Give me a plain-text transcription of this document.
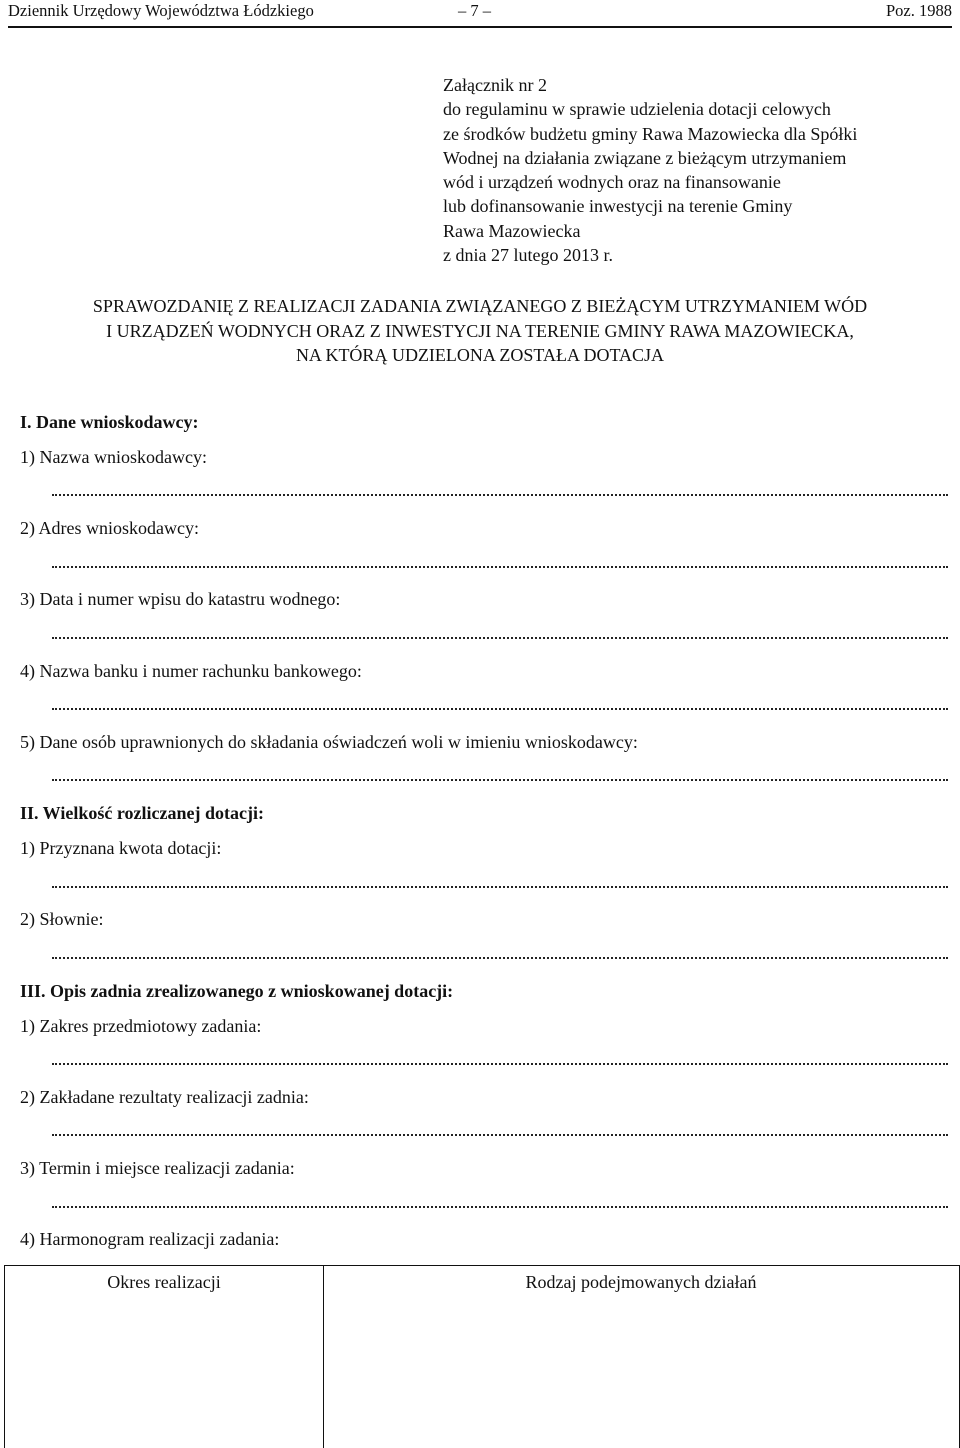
Dziennik Urzędowy Województwa Łódzkiego	– 7 –	Poz. 1988
Załącznik nr 2
do regulaminu w sprawie udzielenia dotacji celowych
ze środków budżetu gminy Rawa Mazowiecka dla Spółki
Wodnej na działania związane z bieżącym utrzymaniem
wód i urządzeń wodnych oraz na finansowanie
lub dofinansowanie inwestycji na terenie Gminy
Rawa Mazowiecka
z dnia 27 lutego 2013 r.
SPRAWOZDANIĘ Z REALIZACJI ZADANIA ZWIĄZANEGO Z BIEŻĄCYM UTRZYMANIEM WÓD
I URZĄDZEŃ WODNYCH ORAZ Z INWESTYCJI NA TERENIE GMINY RAWA MAZOWIECKA,
NA KTÓRĄ UDZIELONA ZOSTAŁA DOTACJA
I. Dane wnioskodawcy:
1) Nazwa wnioskodawcy:
2) Adres wnioskodawcy:
3) Data i numer wpisu do katastru wodnego:
4) Nazwa banku i numer rachunku bankowego:
5) Dane osób uprawnionych do składania oświadczeń woli w imieniu wnioskodawcy:
II. Wielkość rozliczanej dotacji:
1) Przyznana kwota dotacji:
2) Słownie:
III. Opis zadnia zrealizowanego z wnioskowanej dotacji:
1) Zakres przedmiotowy zadania:
2) Zakładane rezultaty realizacji zadnia:
3) Termin i miejsce realizacji zadania:
4) Harmonogram realizacji zadania:
Okres realizacji	Rodzaj podejmowanych działań
